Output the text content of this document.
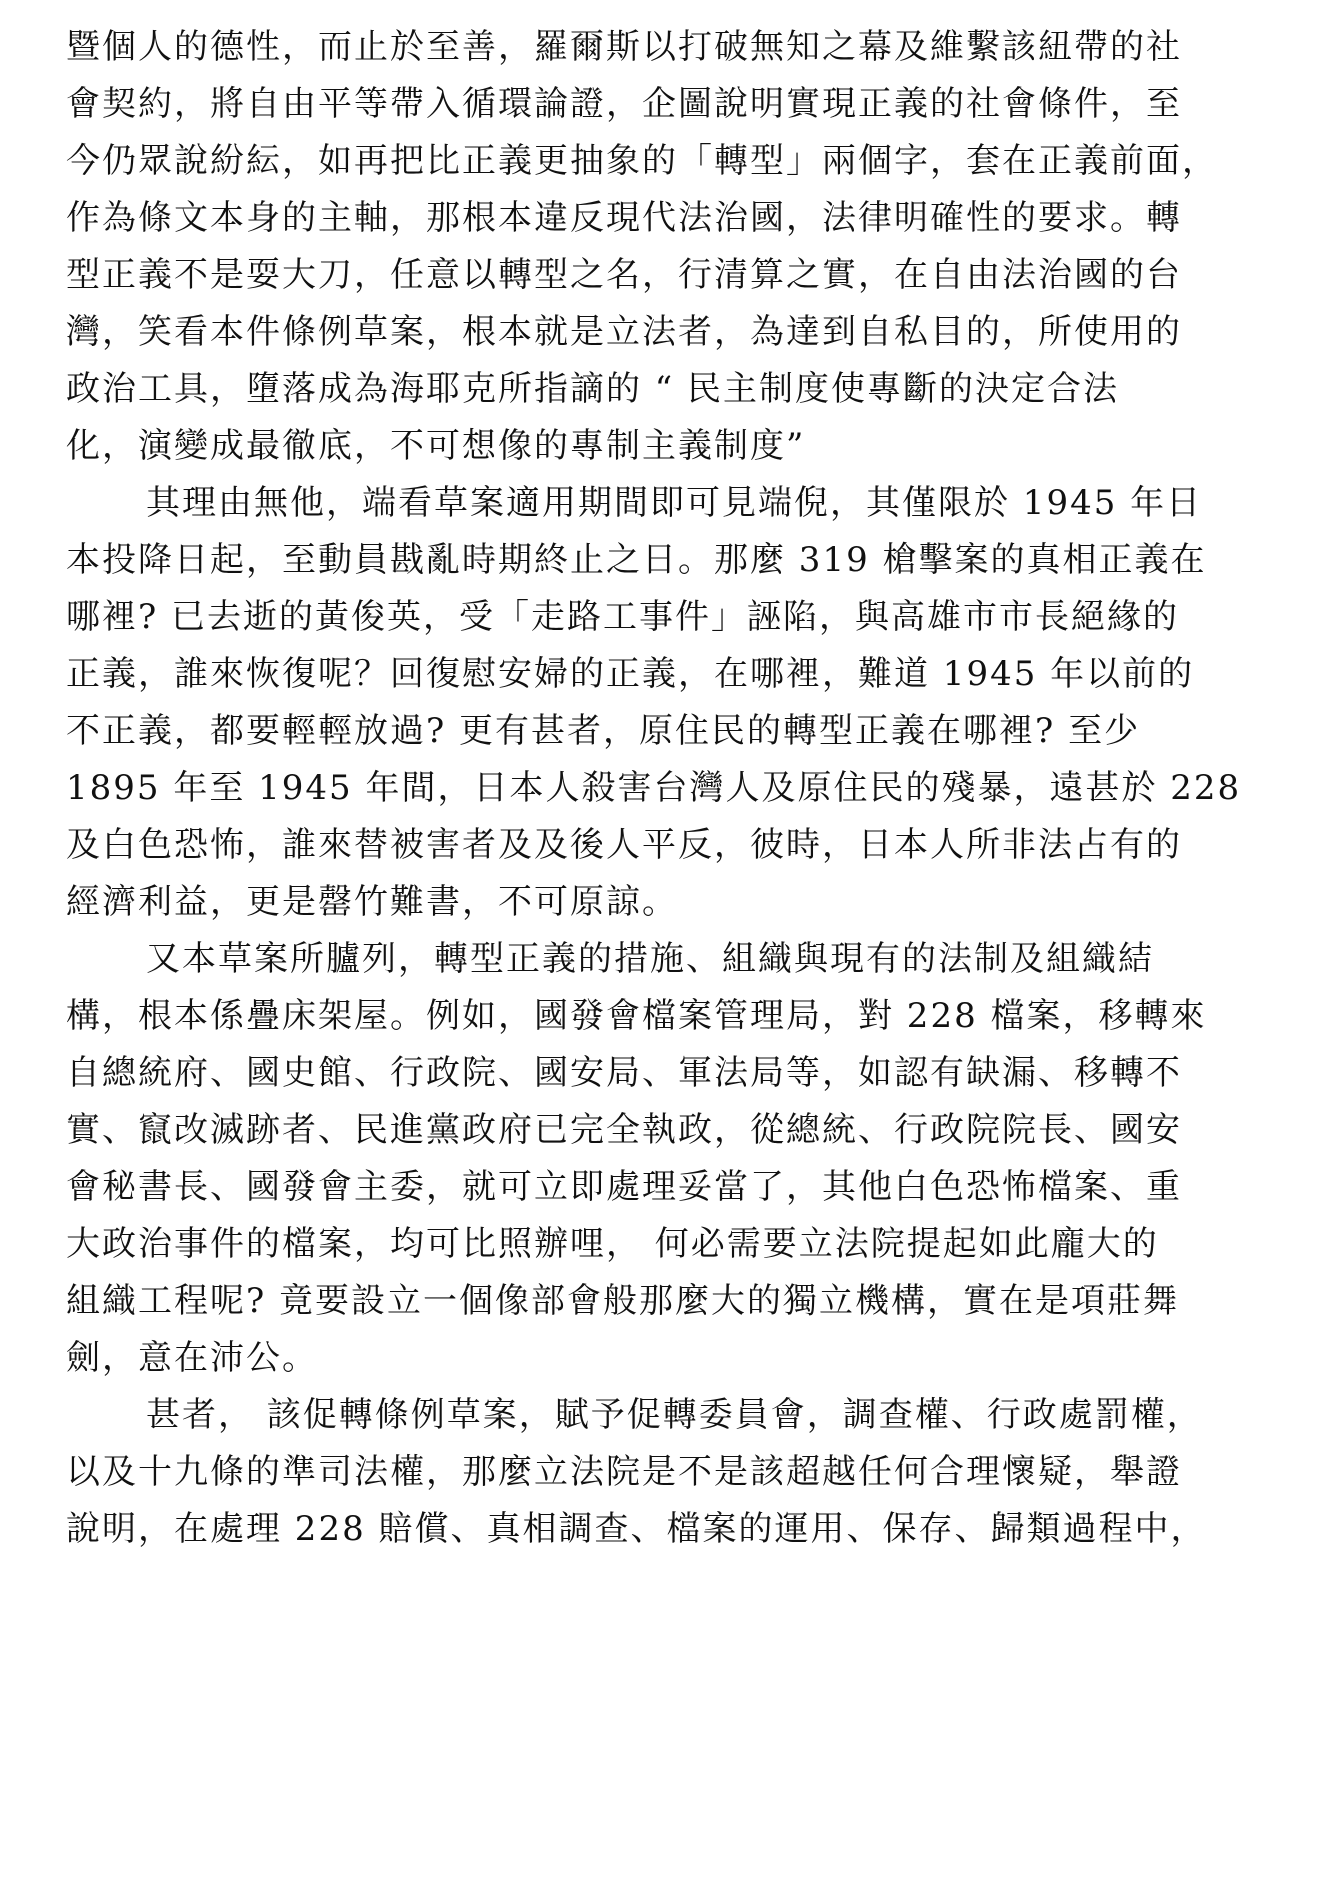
暨個人的德性，而止於至善，羅爾斯以打破無知之幕及維繫該紐帶的社
會契約，將自由平等帶入循環論證，企圖說明實現正義的社會條件，至
今仍眾說紛紜，如再把比正義更抽象的「轉型」兩個字，套在正義前面，
作為條文本身的主軸，那根本違反現代法治國，法律明確性的要求。轉
型正義不是耍大刀，任意以轉型之名，行清算之實，在自由法治國的台
灣，笑看本件條例草案，根本就是立法者，為達到自私目的，所使用的
政治工具，墮落成為海耶克所指謫的 “ 民主制度使專斷的決定合法
化，演變成最徹底，不可想像的專制主義制度”
其理由無他，端看草案適用期間即可見端倪，其僅限於 1945 年日
本投降日起，至動員戡亂時期終止之日。那麼 319 槍擊案的真相正義在
哪裡? 已去逝的黃俊英，受「走路工事件」誣陷，與高雄市市長絕緣的
正義，誰來恢復呢？回復慰安婦的正義，在哪裡，難道 1945 年以前的
不正義，都要輕輕放過? 更有甚者，原住民的轉型正義在哪裡? 至少
1895 年至 1945 年間，日本人殺害台灣人及原住民的殘暴，遠甚於 228
及白色恐怖，誰來替被害者及及後人平反，彼時，日本人所非法占有的
經濟利益，更是罄竹難書，不可原諒。
又本草案所臚列，轉型正義的措施、組織與現有的法制及組織結
構，根本係疊床架屋。例如，國發會檔案管理局，對 228 檔案，移轉來
自總統府、國史館、行政院、國安局、軍法局等，如認有缺漏、移轉不
實、竄改滅跡者、民進黨政府已完全執政，從總統、行政院院長、國安
會秘書長、國發會主委，就可立即處理妥當了，其他白色恐怖檔案、重
大政治事件的檔案，均可比照辦哩， 何必需要立法院提起如此龐大的
組織工程呢? 竟要設立一個像部會般那麼大的獨立機構，實在是項莊舞
劍，意在沛公。
甚者， 該促轉條例草案，賦予促轉委員會，調查權、行政處罰權，
以及十九條的準司法權，那麼立法院是不是該超越任何合理懷疑，舉證
說明，在處理 228 賠償、真相調查、檔案的運用、保存、歸類過程中，
